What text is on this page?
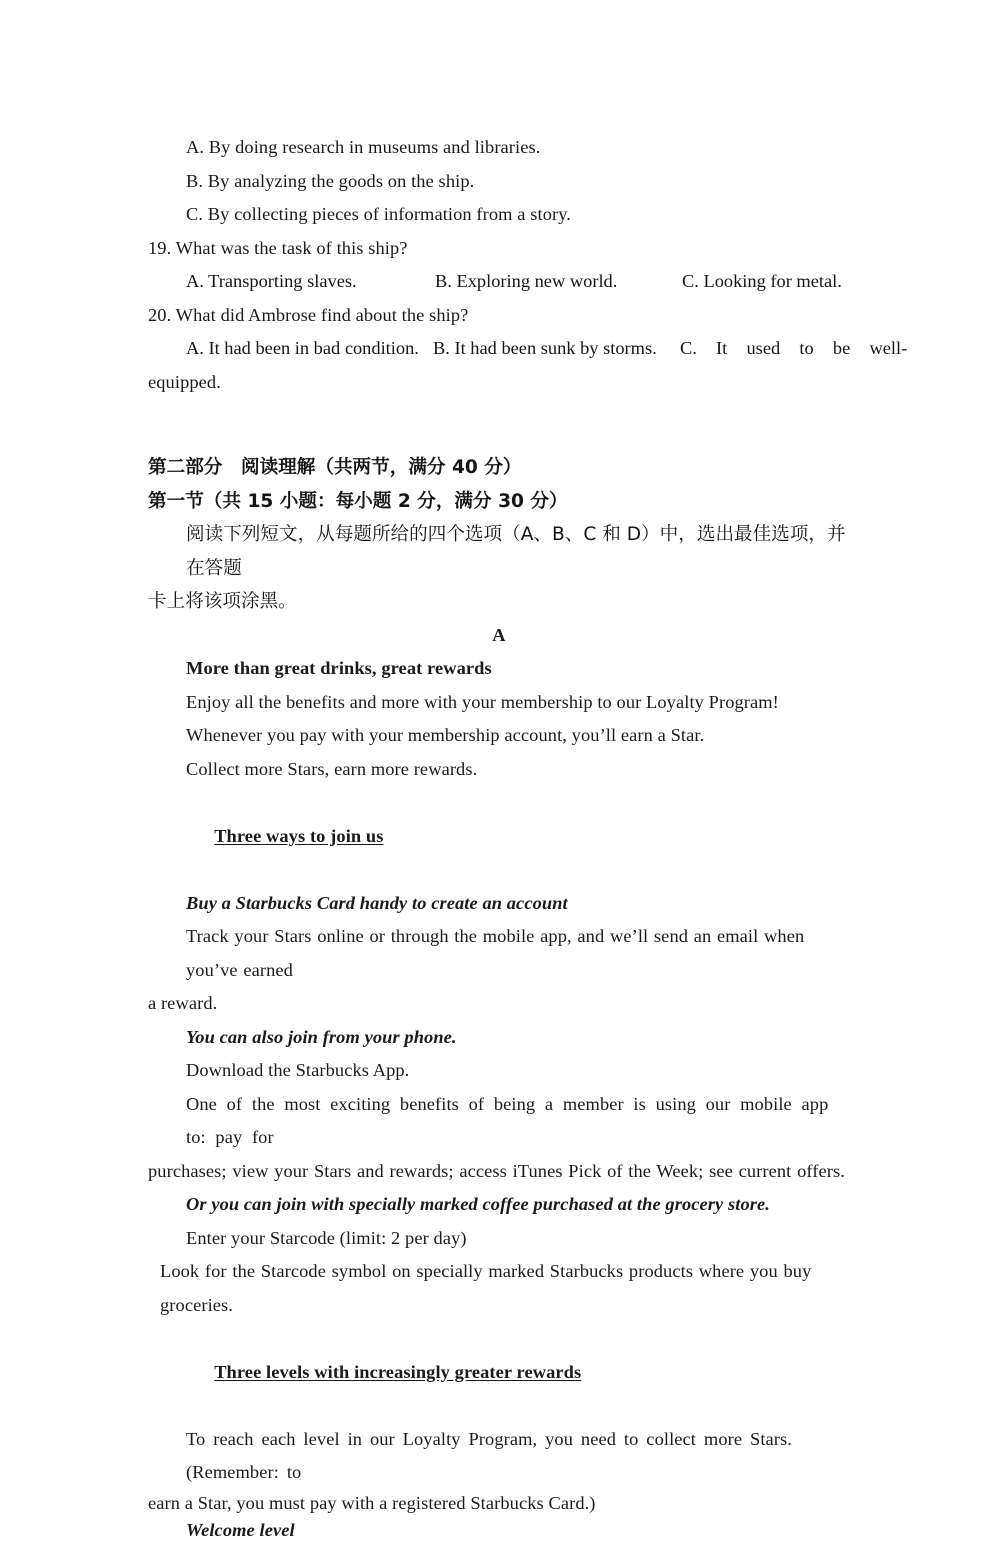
A. By doing research in museums and libraries.
B. By analyzing the goods on the ship.
C. By collecting pieces of information from a story.
19. What was the task of this ship?
A. Transporting slaves.	B. Exploring new world.	C. Looking for metal.
20. What did Ambrose find about the ship?
A. It had been in bad condition. B. It had been sunk by storms. C.  It  used  to  be  well-
equipped.
第二部分　阅读理解（共两节，满分 40 分）
第一节（共 15 小题：每小题 2 分，满分 30 分）
阅读下列短文，从每题所给的四个选项（A、B、C 和 D）中，选出最佳选项，并在答题
卡上将该项涂黑。
A
More than great drinks, great rewards
Enjoy all the benefits and more with your membership to our Loyalty Program!
Whenever you pay with your membership account, you’ll earn a Star.
Collect more Stars, earn more rewards.

Three ways to join us

Buy a Starbucks Card handy to create an account
Track your Stars online or through the mobile app, and we’ll send an email when you’ve earned
a reward.
You can also join from your phone.
Download the Starbucks App.
One of the most exciting benefits of being a member is using our mobile app to: pay for
purchases; view your Stars and rewards; access iTunes Pick of the Week; see current offers.
Or you can join with specially marked coffee purchased at the grocery store.
Enter your Starcode (limit: 2 per day)
Look for the Starcode symbol on specially marked Starbucks products where you buy groceries.

Three levels with increasingly greater rewards

To reach each level in our Loyalty Program, you need to collect more Stars. (Remember: to
earn a Star, you must pay with a registered Starbucks Card.)
Welcome level
